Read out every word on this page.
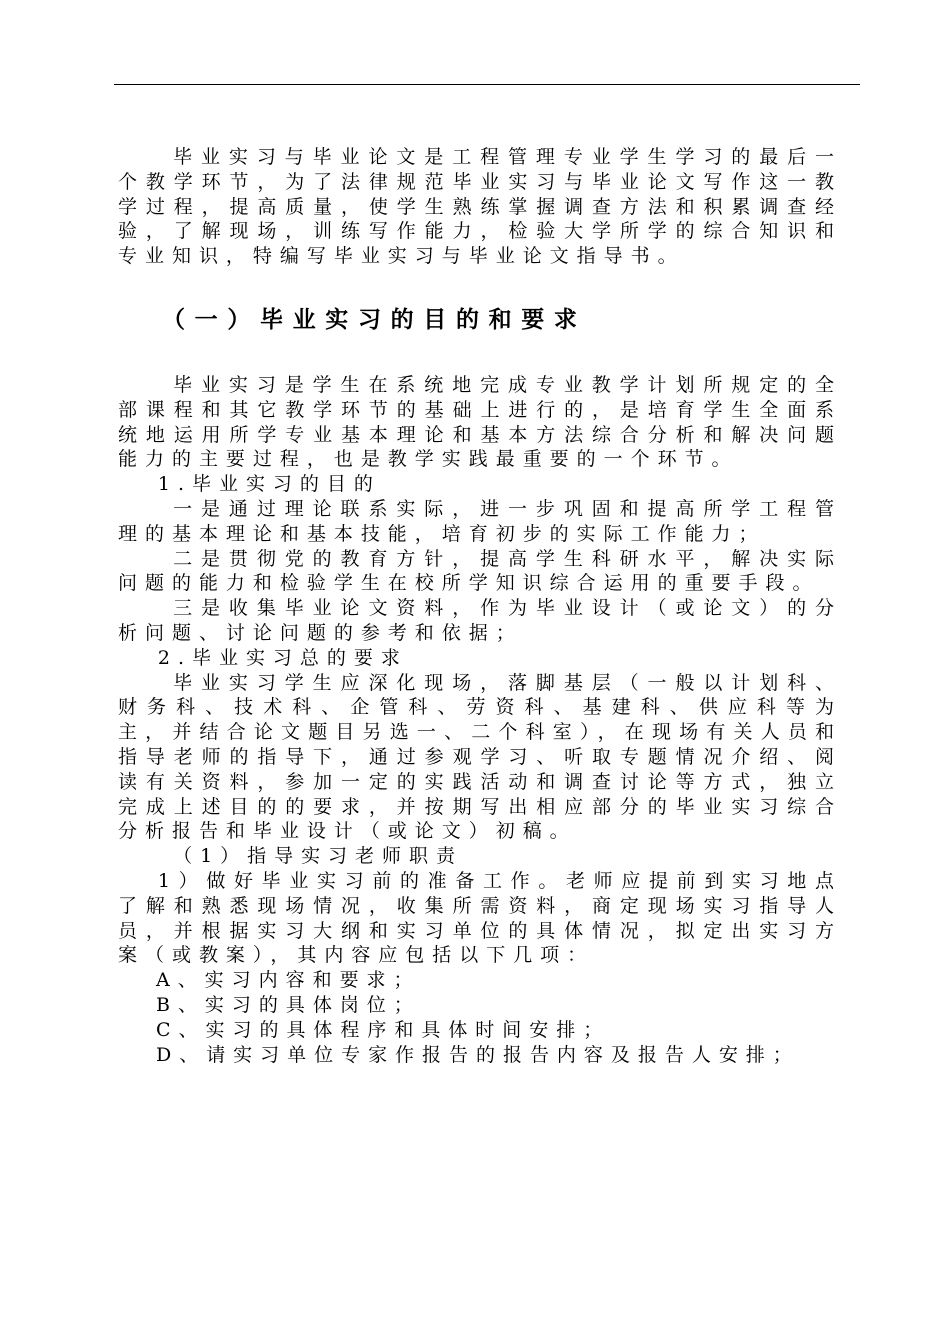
毕业实习与毕业论文是工程管理专业学生学习的最后一个教学环节，为了法律规范毕业实习与毕业论文写作这一教学过程，提高质量，使学生熟练掌握调查方法和积累调查经验，了解现场，训练写作能力，检验大学所学的综合知识和专业知识，特编写毕业实习与毕业论文指导书。

（一）毕业实习的目的和要求

毕业实习是学生在系统地完成专业教学计划所规定的全部课程和其它教学环节的基础上进行的，是培育学生全面系统地运用所学专业基本理论和基本方法综合分析和解决问题能力的主要过程，也是教学实践最重要的一个环节。

1.毕业实习的目的

一是通过理论联系实际，进一步巩固和提高所学工程管理的基本理论和基本技能，培育初步的实际工作能力；

二是贯彻党的教育方针，提高学生科研水平，解决实际问题的能力和检验学生在校所学知识综合运用的重要手段。

三是收集毕业论文资料，作为毕业设计（或论文）的分析问题、讨论问题的参考和依据；

2.毕业实习总的要求

毕业实习学生应深化现场，落脚基层（一般以计划科、财务科、技术科、企管科、劳资科、基建科、供应科等为主，并结合论文题目另选一、二个科室），在现场有关人员和指导老师的指导下，通过参观学习、听取专题情况介绍、阅读有关资料，参加一定的实践活动和调查讨论等方式，独立完成上述目的的要求，并按期写出相应部分的毕业实习综合分析报告和毕业设计（或论文）初稿。

（1）指导实习老师职责

1）做好毕业实习前的准备工作。老师应提前到实习地点了解和熟悉现场情况，收集所需资料，商定现场实习指导人员，并根据实习大纲和实习单位的具体情况，拟定出实习方案（或教案），其内容应包括以下几项：

A、实习内容和要求；

B、实习的具体岗位；

C、实习的具体程序和具体时间安排；

D、请实习单位专家作报告的报告内容及报告人安排；
